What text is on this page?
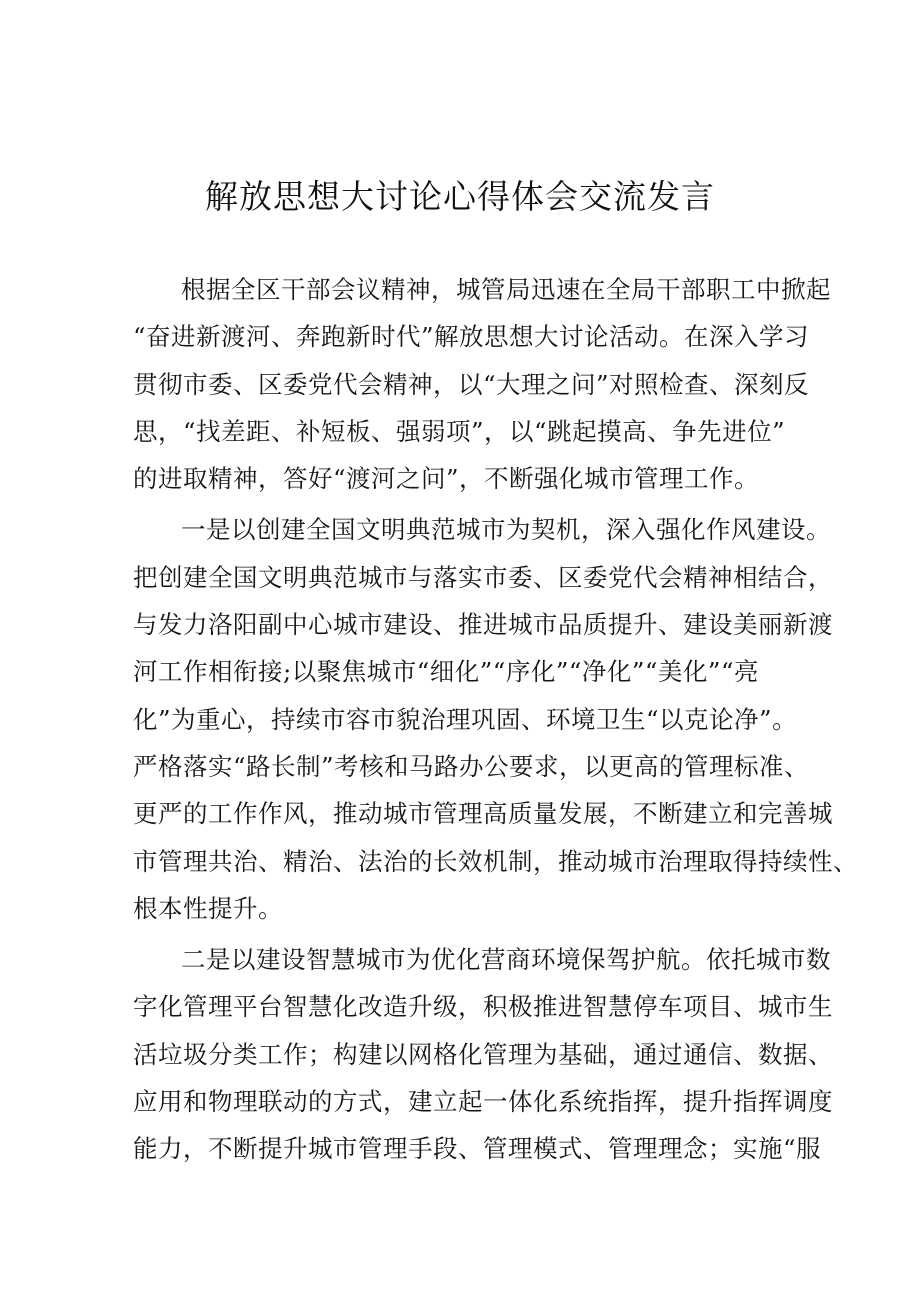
解放思想大讨论心得体会交流发言
根据全区干部会议精神，城管局迅速在全局干部职工中掀起
“奋进新渡河、奔跑新时代”解放思想大讨论活动。在深入学习
贯彻市委、区委党代会精神，以“大理之问”对照检查、深刻反
思，“找差距、补短板、强弱项”，以“跳起摸高、争先进位”
的进取精神，答好“渡河之问”，不断强化城市管理工作。
一是以创建全国文明典范城市为契机，深入强化作风建设。
把创建全国文明典范城市与落实市委、区委党代会精神相结合，
与发力洛阳副中心城市建设、推进城市品质提升、建设美丽新渡
河工作相衔接;以聚焦城市“细化”“序化”“净化”“美化”“亮
化”为重心，持续市容市貌治理巩固、环境卫生“以克论净”。
严格落实“路长制”考核和马路办公要求，以更高的管理标准、
更严的工作作风，推动城市管理高质量发展，不断建立和完善城
市管理共治、精治、法治的长效机制，推动城市治理取得持续性、
根本性提升。
二是以建设智慧城市为优化营商环境保驾护航。依托城市数
字化管理平台智慧化改造升级，积极推进智慧停车项目、城市生
活垃圾分类工作；构建以网格化管理为基础，通过通信、数据、
应用和物理联动的方式，建立起一体化系统指挥，提升指挥调度
能力，不断提升城市管理手段、管理模式、管理理念；实施“服
